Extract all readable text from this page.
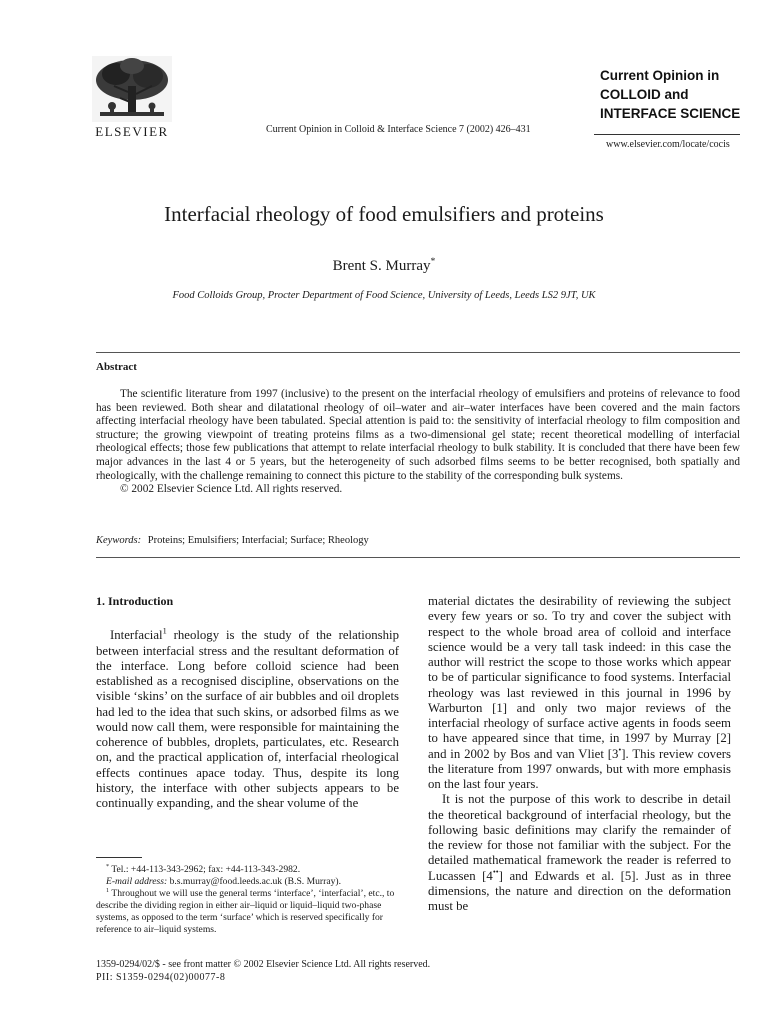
ELSEVIER	Current Opinion in Colloid & Interface Science 7 (2002) 426–431
Current Opinion in
COLLOID and
INTERFACE SCIENCE
www.elsevier.com/locate/cocis
Interfacial rheology of food emulsifiers and proteins
Brent S. Murray*
Food Colloids Group, Procter Department of Food Science, University of Leeds, Leeds LS2 9JT, UK
Abstract

The scientific literature from 1997 (inclusive) to the present on the interfacial rheology of emulsifiers and proteins of relevance to food has been reviewed. Both shear and dilatational rheology of oil–water and air–water interfaces have been covered and the main factors affecting interfacial rheology have been tabulated. Special attention is paid to: the sensitivity of interfacial rheology to film composition and structure; the growing viewpoint of treating proteins films as a two-dimensional gel state; recent theoretical modelling of interfacial rheological effects; those few publications that attempt to relate interfacial rheology to bulk stability. It is concluded that there have been few major advances in the last 4 or 5 years, but the heterogeneity of such adsorbed films seems to be better recognised, both spatially and rheologically, with the challenge remaining to connect this picture to the stability of the corresponding bulk systems.

© 2002 Elsevier Science Ltd. All rights reserved.

Keywords: Proteins; Emulsifiers; Interfacial; Surface; Rheology

1. Introduction

Interfacial$^1$ rheology is the study of the relationship between interfacial stress and the resultant deformation of the interface. Long before colloid science had been established as a recognised discipline, observations on the visible ‘skins’ on the surface of air bubbles and oil droplets had led to the idea that such skins, or adsorbed films as we would now call them, were responsible for maintaining the coherence of bubbles, droplets, particulates, etc. Research on, and the practical application of, interfacial rheological effects continues apace today. Thus, despite its long history, the interface with other subjects appears to be continually expanding, and the shear volume of the

* Tel.: +44-113-343-2962; fax: +44-113-343-2982.

E-mail address: b.s.murray@food.leeds.ac.uk (B.S. Murray).

$^1$ Throughout we will use the general terms ‘interface’, ‘interfacial’, etc., to describe the dividing region in either air–liquid or liquid–liquid two-phase systems, as opposed to the term ‘surface’ which is reserved specifically for reference to air–liquid systems.

material dictates the desirability of reviewing the subject every few years or so. To try and cover the subject with respect to the whole broad area of colloid and interface science would be a very tall task indeed: in this case the author will restrict the scope to those works which appear to be of particular significance to food systems. Interfacial rheology was last reviewed in this journal in 1996 by Warburton [1] and only two major reviews of the interfacial rheology of surface active agents in foods seem to have appeared since that time, in 1997 by Murray [2] and in 2002 by Bos and van Vliet [3•]. This review covers the literature from 1997 onwards, but with more emphasis on the last four years.

It is not the purpose of this work to describe in detail the theoretical background of interfacial rheology, but the following basic definitions may clarify the remainder of the review for those not familiar with the subject. For the detailed mathematical framework the reader is referred to Lucassen [4••] and Edwards et al. [5]. Just as in three dimensions, the nature and direction on the deformation must be

1359-0294/02/$ - see front matter © 2002 Elsevier Science Ltd. All rights reserved.
PII: S1359-0294(02)00077-8
